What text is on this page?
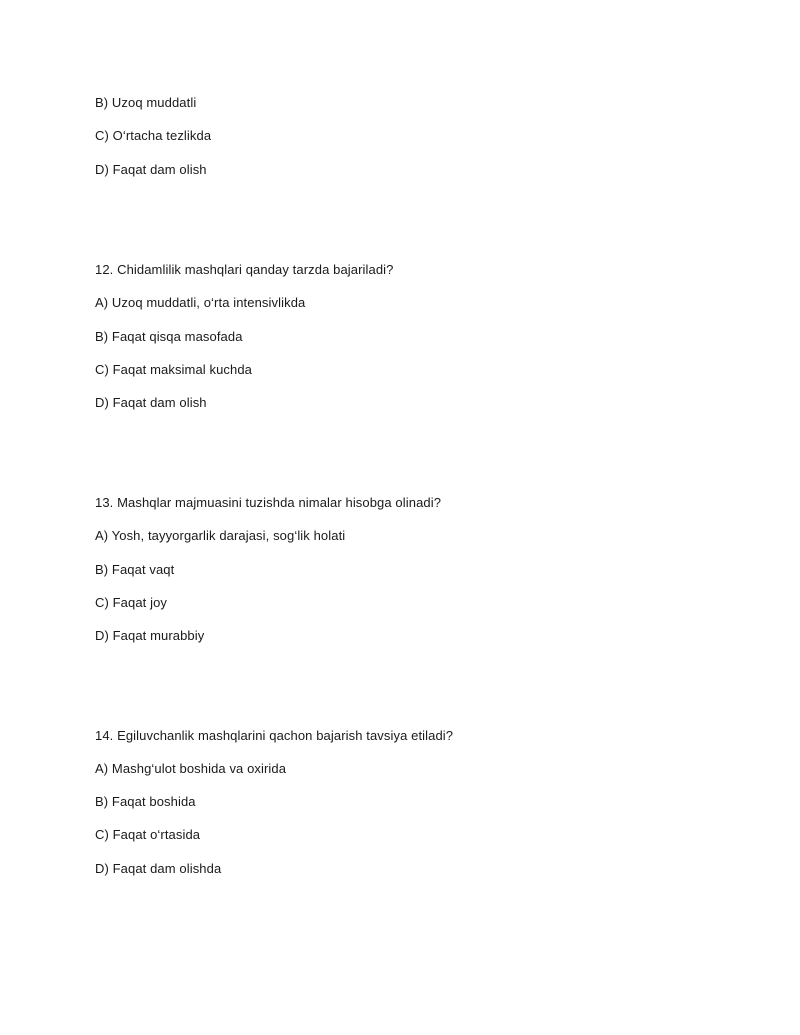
B) Uzoq muddatli
C) O‘rtacha tezlikda
D) Faqat dam olish
12. Chidamlilik mashqlari qanday tarzda bajariladi?
A) Uzoq muddatli, o‘rta intensivlikda
B) Faqat qisqa masofada
C) Faqat maksimal kuchda
D) Faqat dam olish
13. Mashqlar majmuasini tuzishda nimalar hisobga olinadi?
A) Yosh, tayyorgarlik darajasi, sog‘lik holati
B) Faqat vaqt
C) Faqat joy
D) Faqat murabbiy
14. Egiluvchanlik mashqlarini qachon bajarish tavsiya etiladi?
A) Mashg‘ulot boshida va oxirida
B) Faqat boshida
C) Faqat o‘rtasida
D) Faqat dam olishda
